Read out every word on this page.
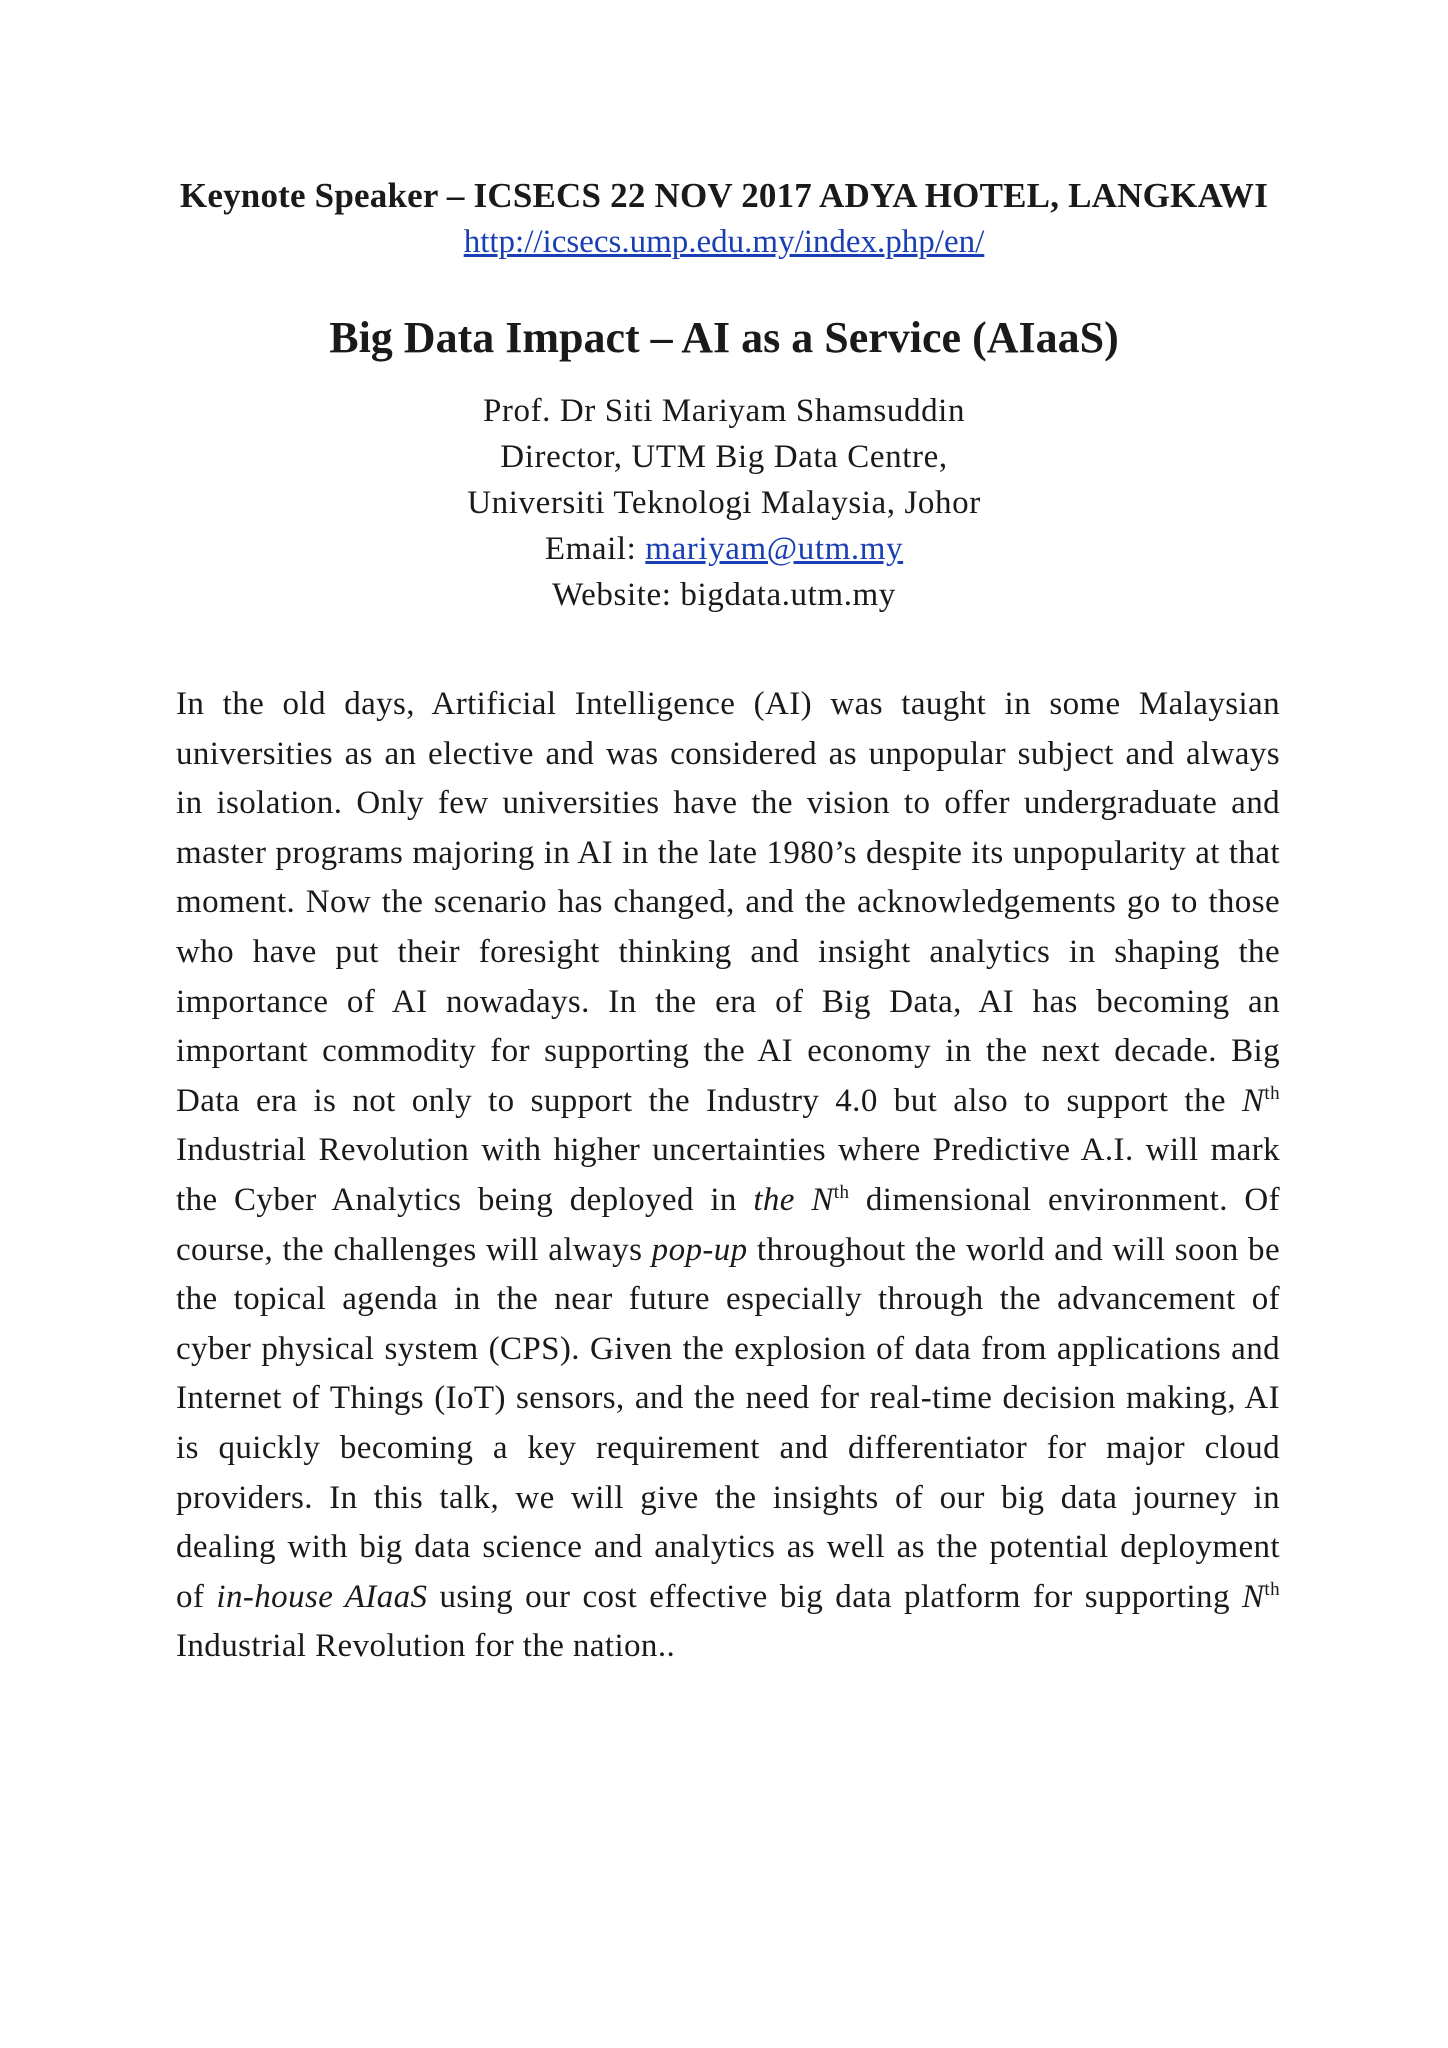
Keynote Speaker – ICSECS 22 NOV 2017 ADYA HOTEL, LANGKAWI
http://icsecs.ump.edu.my/index.php/en/
Big Data Impact – AI as a Service (AIaaS)
Prof. Dr Siti Mariyam Shamsuddin
Director, UTM Big Data Centre,
Universiti Teknologi Malaysia, Johor
Email: mariyam@utm.my
Website: bigdata.utm.my
In the old days, Artificial Intelligence (AI) was taught in some Malaysian universities as an elective and was considered as unpopular subject and always in isolation. Only few universities have the vision to offer undergraduate and master programs majoring in AI in the late 1980’s despite its unpopularity at that moment. Now the scenario has changed, and the acknowledgements go to those who have put their foresight thinking and insight analytics in shaping the importance of AI nowadays. In the era of Big Data, AI has becoming an important commodity for supporting the AI economy in the next decade. Big Data era is not only to support the Industry 4.0 but also to support the $N^{th}$ Industrial Revolution with higher uncertainties where Predictive A.I. will mark the Cyber Analytics being deployed in the $N^{th}$ dimensional environment. Of course, the challenges will always pop-up throughout the world and will soon be the topical agenda in the near future especially through the advancement of cyber physical system (CPS). Given the explosion of data from applications and Internet of Things (IoT) sensors, and the need for real-time decision making, AI is quickly becoming a key requirement and differentiator for major cloud providers. In this talk, we will give the insights of our big data journey in dealing with big data science and analytics as well as the potential deployment of in-house AIaaS using our cost effective big data platform for supporting $N^{th}$ Industrial Revolution for the nation..
